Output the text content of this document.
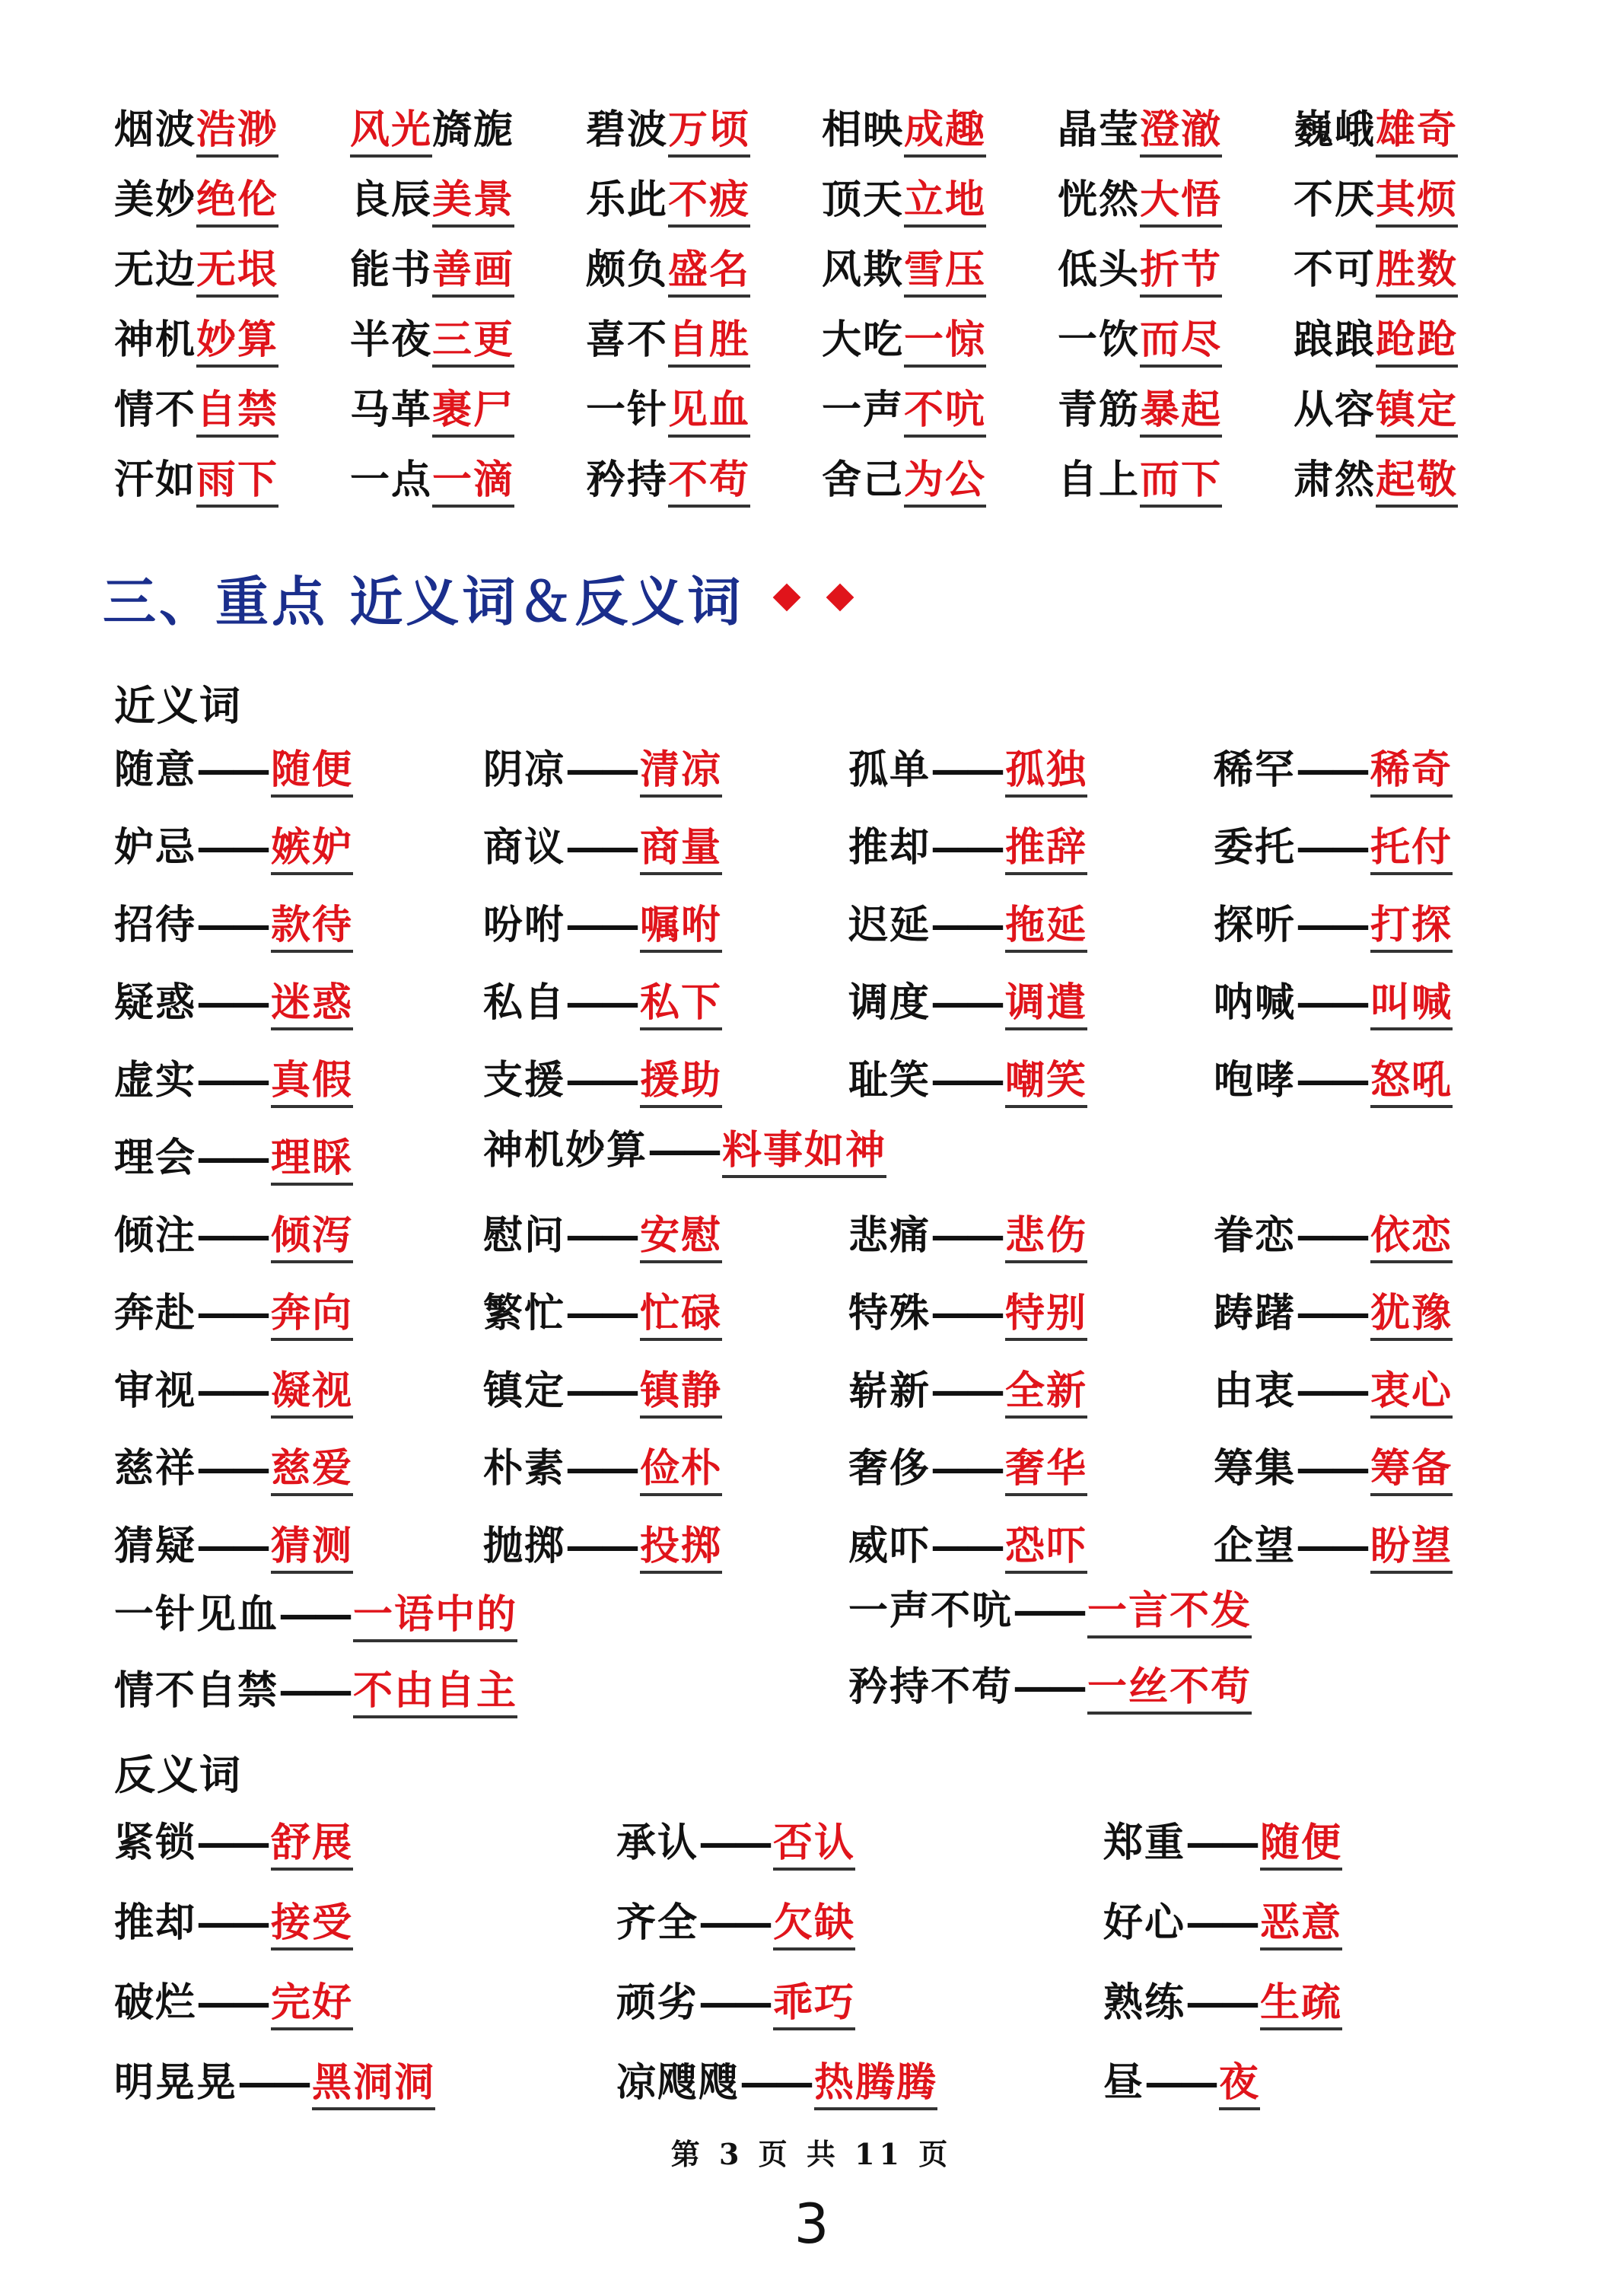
烟波浩渺	风光旖旎	碧波万顷	相映成趣	晶莹澄澈	巍峨雄奇
美妙绝伦	良辰美景	乐此不疲	顶天立地	恍然大悟	不厌其烦
无边无垠	能书善画	颇负盛名	风欺雪压	低头折节	不可胜数
神机妙算	半夜三更	喜不自胜	大吃一惊	一饮而尽	踉踉跄跄
情不自禁	马革裹尸	一针见血	一声不吭	青筋暴起	从容镇定
汗如雨下	一点一滴	矜持不苟	舍己为公	自上而下	肃然起敬
三、重点 近义词＆反义词
近义词
随意—— 随便	阴凉—— 清凉	孤单—— 孤独	稀罕—— 稀奇
妒忌—— 嫉妒	商议—— 商量	推却—— 推辞	委托—— 托付
招待—— 款待	吩咐—— 嘱咐	迟延—— 拖延	探听—— 打探
疑惑—— 迷惑	私自—— 私下	调度—— 调遣	呐喊—— 叫喊
虚实—— 真假	支援—— 援助	耻笑—— 嘲笑	咆哮—— 怒吼
理会—— 理睬	神机妙算—— 料事如神
倾注—— 倾泻	慰问—— 安慰	悲痛—— 悲伤	眷恋—— 依恋
奔赴—— 奔向	繁忙—— 忙碌	特殊—— 特别	踌躇—— 犹豫
审视—— 凝视	镇定—— 镇静	崭新—— 全新	由衷—— 衷心
慈祥—— 慈爱	朴素—— 俭朴	奢侈—— 奢华	筹集—— 筹备
猜疑—— 猜测	抛掷—— 投掷	威吓—— 恐吓	企望—— 盼望
一针见血—— 一语中的	一声不吭—— 一言不发
情不自禁—— 不由自主	矜持不苟—— 一丝不苟
反义词
紧锁—— 舒展	承认—— 否认	郑重—— 随便
推却—— 接受	齐全—— 欠缺	好心—— 恶意
破烂—— 完好	顽劣—— 乖巧	熟练—— 生疏
明晃晃—— 黑洞洞	凉飕飕—— 热腾腾	昼—— 夜
第 3 页 共 11 页
3
